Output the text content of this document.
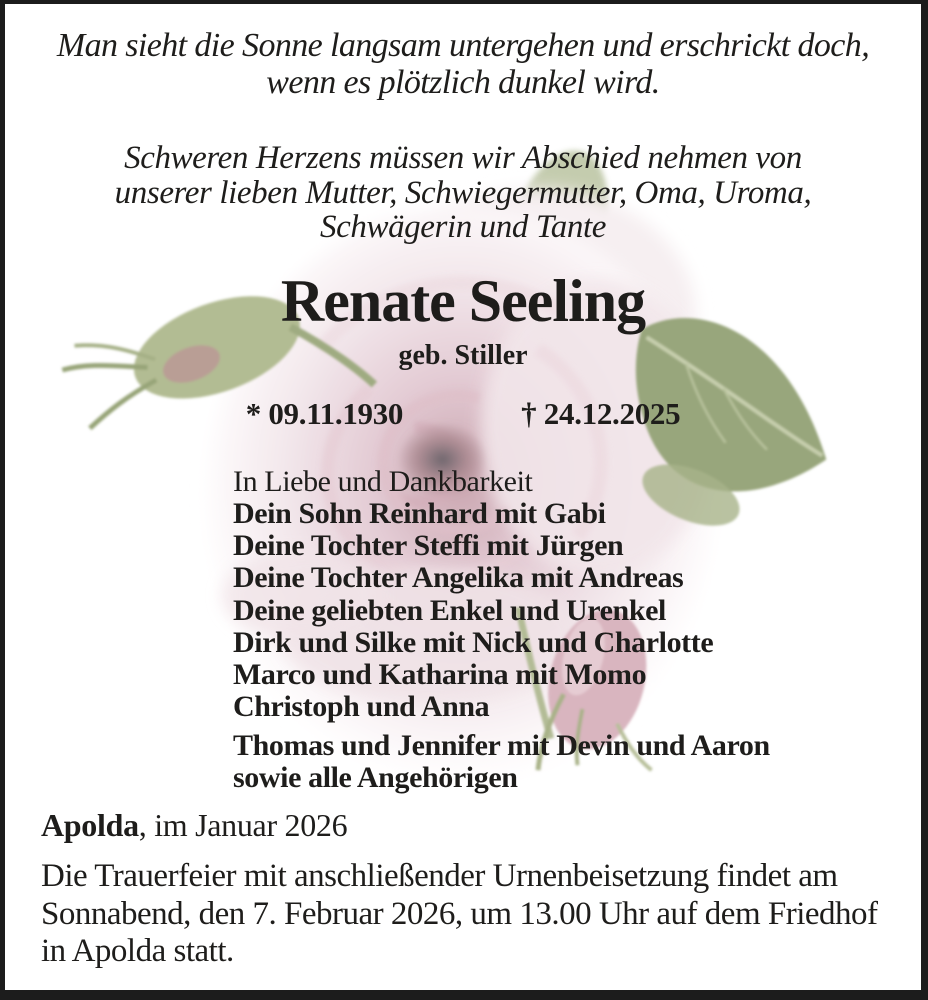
Man sieht die Sonne langsam untergehen und erschrickt doch,
wenn es plötzlich dunkel wird.
Schweren Herzens müssen wir Abschied nehmen von
unserer lieben Mutter, Schwiegermutter, Oma, Uroma,
Schwägerin und Tante
Renate Seeling
geb. Stiller
* 09.11.1930	† 24.12.2025
In Liebe und Dankbarkeit
Dein Sohn Reinhard mit Gabi
Deine Tochter Steffi mit Jürgen
Deine Tochter Angelika mit Andreas
Deine geliebten Enkel und Urenkel
Dirk und Silke mit Nick und Charlotte
Marco und Katharina mit Momo
Christoph und Anna
Thomas und Jennifer mit Devin und Aaron
sowie alle Angehörigen
Apolda, im Januar 2026
Die Trauerfeier mit anschließender Urnenbeisetzung findet am Sonnabend, den 7. Februar 2026, um 13.00 Uhr auf dem Friedhof in Apolda statt.
